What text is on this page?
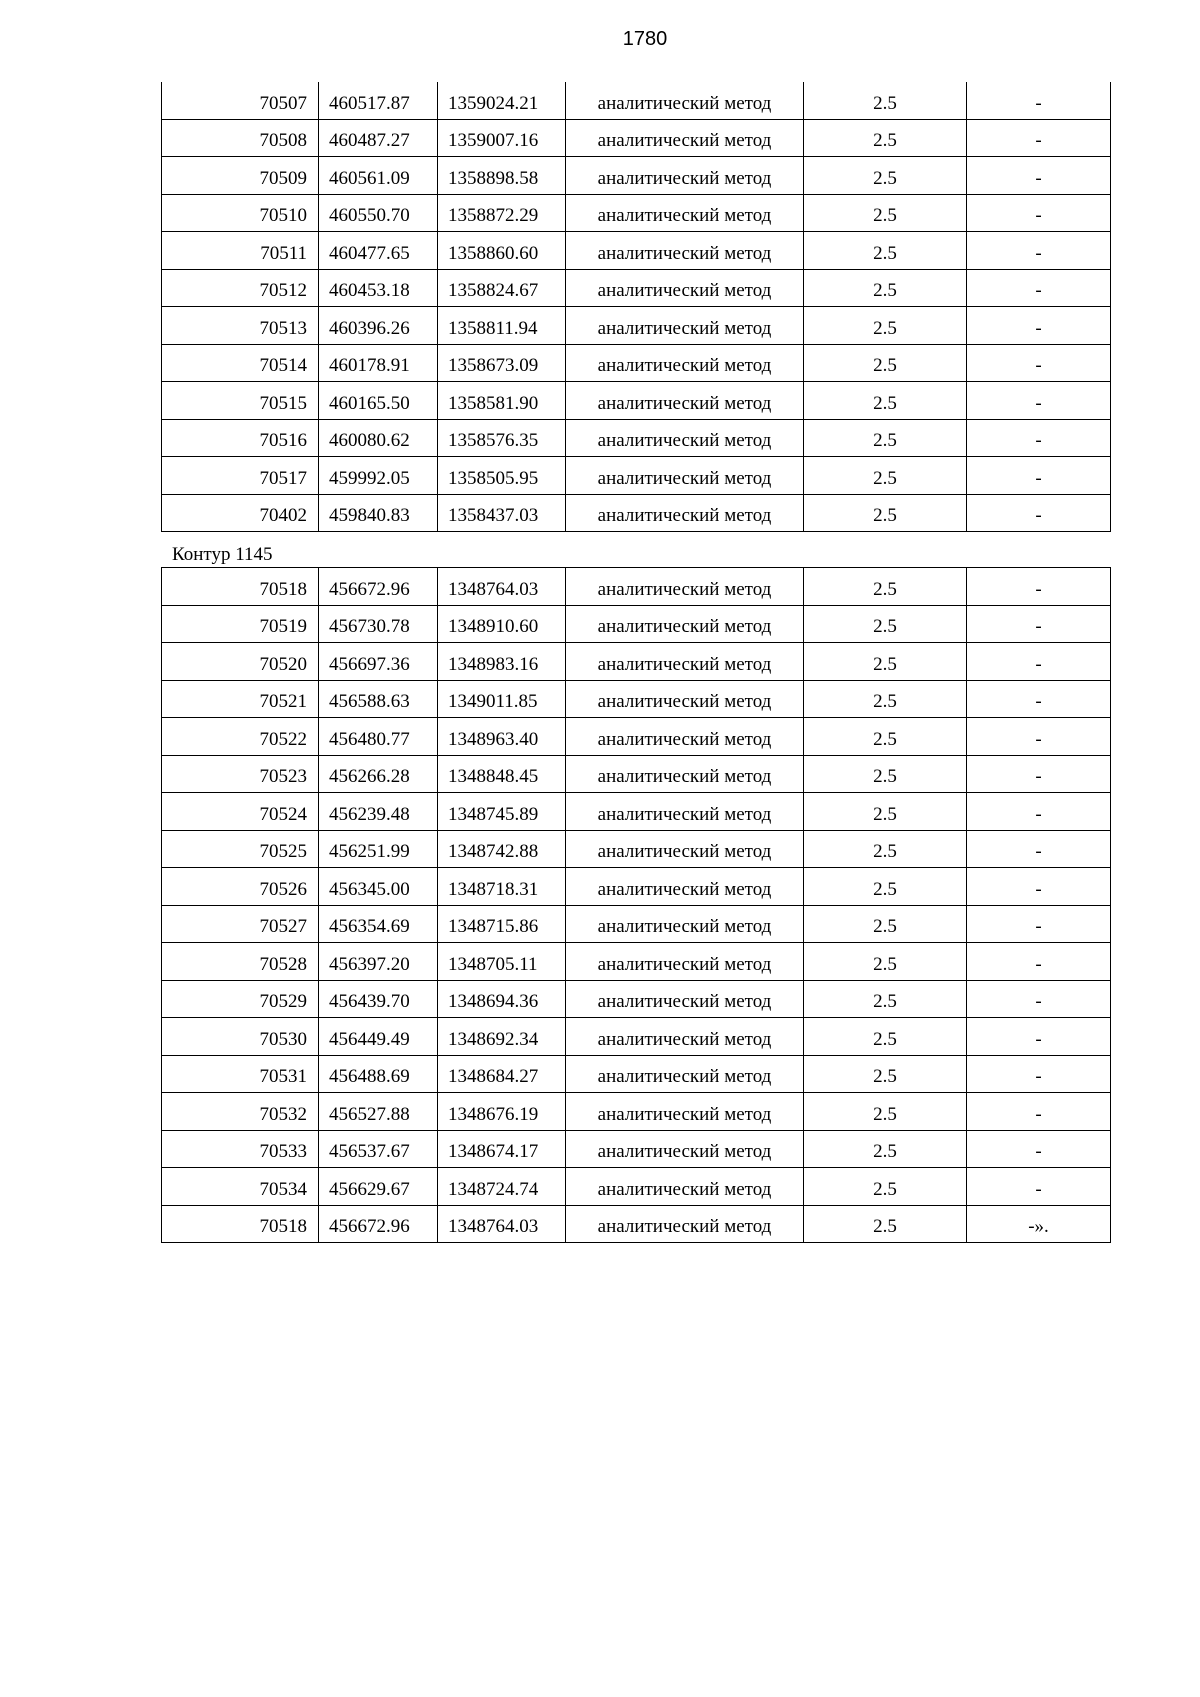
1780
70507	460517.87	1359024.21	аналитический метод	2.5	-
70508	460487.27	1359007.16	аналитический метод	2.5	-
70509	460561.09	1358898.58	аналитический метод	2.5	-
70510	460550.70	1358872.29	аналитический метод	2.5	-
70511	460477.65	1358860.60	аналитический метод	2.5	-
70512	460453.18	1358824.67	аналитический метод	2.5	-
70513	460396.26	1358811.94	аналитический метод	2.5	-
70514	460178.91	1358673.09	аналитический метод	2.5	-
70515	460165.50	1358581.90	аналитический метод	2.5	-
70516	460080.62	1358576.35	аналитический метод	2.5	-
70517	459992.05	1358505.95	аналитический метод	2.5	-
70402	459840.83	1358437.03	аналитический метод	2.5	-
Контур 1145
70518	456672.96	1348764.03	аналитический метод	2.5	-
70519	456730.78	1348910.60	аналитический метод	2.5	-
70520	456697.36	1348983.16	аналитический метод	2.5	-
70521	456588.63	1349011.85	аналитический метод	2.5	-
70522	456480.77	1348963.40	аналитический метод	2.5	-
70523	456266.28	1348848.45	аналитический метод	2.5	-
70524	456239.48	1348745.89	аналитический метод	2.5	-
70525	456251.99	1348742.88	аналитический метод	2.5	-
70526	456345.00	1348718.31	аналитический метод	2.5	-
70527	456354.69	1348715.86	аналитический метод	2.5	-
70528	456397.20	1348705.11	аналитический метод	2.5	-
70529	456439.70	1348694.36	аналитический метод	2.5	-
70530	456449.49	1348692.34	аналитический метод	2.5	-
70531	456488.69	1348684.27	аналитический метод	2.5	-
70532	456527.88	1348676.19	аналитический метод	2.5	-
70533	456537.67	1348674.17	аналитический метод	2.5	-
70534	456629.67	1348724.74	аналитический метод	2.5	-
70518	456672.96	1348764.03	аналитический метод	2.5	-».
